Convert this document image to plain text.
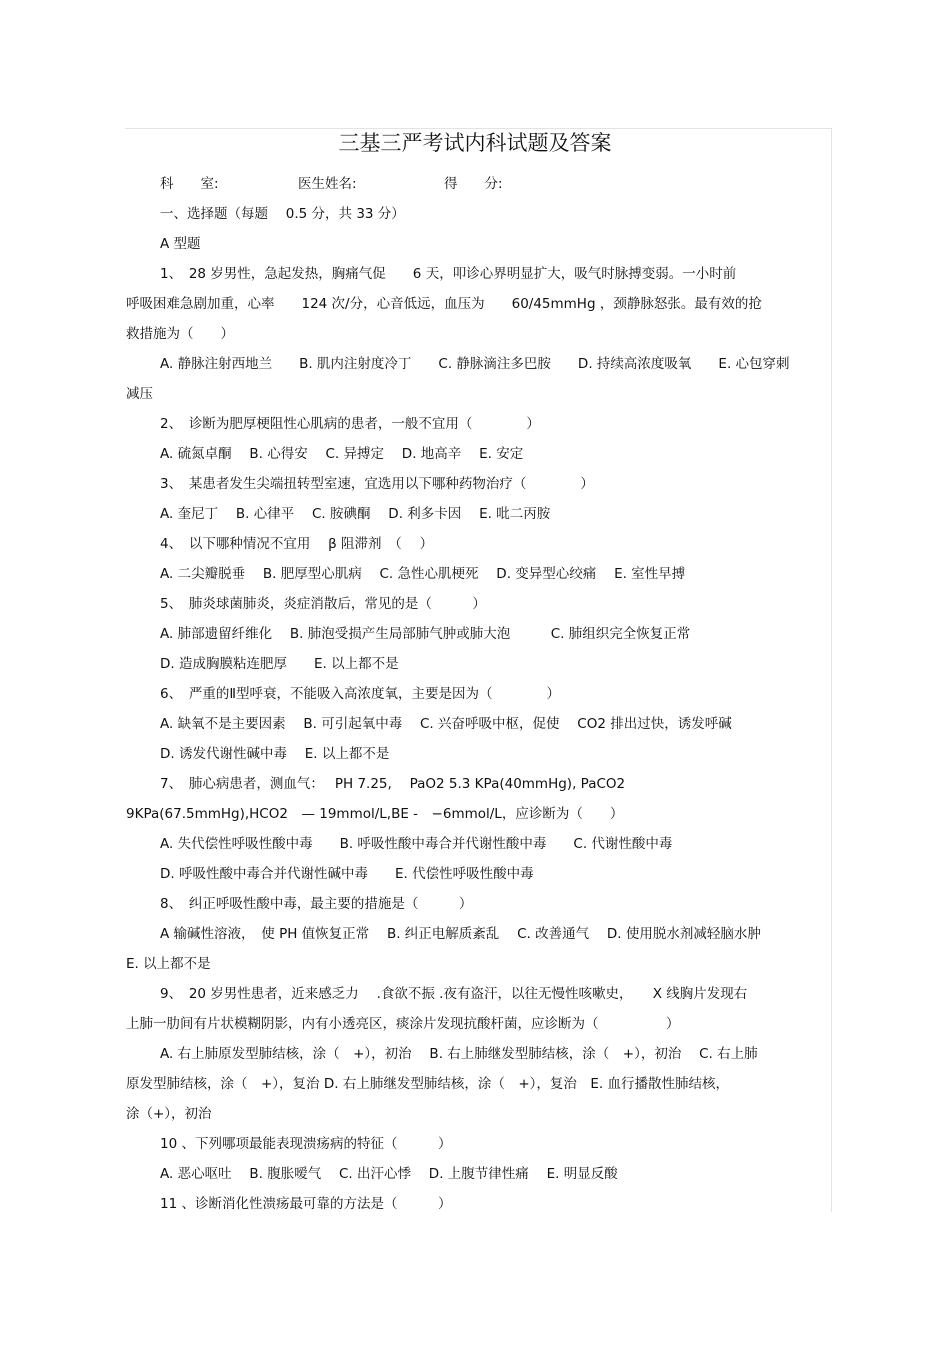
三基三严考试内科试题及答案
科　　室:	医生姓名:	得　　分:
一、选择题（每题　 0.5 分，共 33 分）
A 型题
1、　28 岁男性，急起发热，胸痛气促　　6 天，叩诊心界明显扩大，吸气时脉搏变弱。一小时前
呼吸困难急剧加重，心率　　124 次/分，心音低远，血压为　　60/45mmHg ，颈静脉怒张。最有效的抢
救措施为（　　）
A. 静脉注射西地兰　　B. 肌内注射度冷丁　　C. 静脉滴注多巴胺　　D. 持续高浓度吸氧　　E. 心包穿刺
减压
2、　诊断为肥厚梗阻性心肌病的患者，一般不宜用（　　　　）
A. 硫氮卓酮　 B. 心得安　 C. 异搏定　 D. 地高辛　 E. 安定
3、　某患者发生尖端扭转型室速，宜选用以下哪种药物治疗（　　　　）
A. 奎尼丁　 B. 心律平　 C. 胺碘酮　 D. 利多卡因　 E. 吡二丙胺
4、　以下哪种情况不宜用　 β 阻滞剂　（　 ）
A. 二尖瓣脱垂　 B. 肥厚型心肌病　 C. 急性心肌梗死　 D. 变异型心绞痛　 E. 室性早搏
5、　肺炎球菌肺炎，炎症消散后，常见的是（　　　）
A. 肺部遗留纤维化　 B. 肺泡受损产生局部肺气肿或肺大泡　　　C. 肺组织完全恢复正常
D. 造成胸膜粘连肥厚　　E. 以上都不是
6、　严重的Ⅱ型呼衰，不能吸入高浓度氧，主要是因为（　　　　）
A. 缺氧不是主要因素　 B. 可引起氧中毒　 C. 兴奋呼吸中枢，促使　 CO2 排出过快，诱发呼碱
D. 诱发代谢性碱中毒　 E. 以上都不是
7、　肺心病患者，测血气：　 PH 7.25,　 PaO2 5.3 KPa(40mmHg), PaCO2
9KPa(67.5mmHg),HCO2　— 19mmol/L,BE -　−6mmol/L，应诊断为（　　）
A. 失代偿性呼吸性酸中毒　　B. 呼吸性酸中毒合并代谢性酸中毒　　C. 代谢性酸中毒
D. 呼吸性酸中毒合并代谢性碱中毒　　E. 代偿性呼吸性酸中毒
8、　纠正呼吸性酸中毒，最主要的措施是（　　　）
A 输碱性溶液，　使 PH 值恢复正常　 B. 纠正电解质紊乱　 C. 改善通气　 D. 使用脱水剂减轻脑水肿
E. 以上都不是
9、　20 岁男性患者，近来感乏力　 .食欲不振 .夜有盗汗，以往无慢性咳嗽史，　　X 线胸片发现右
上肺一肋间有片状模糊阴影，内有小透亮区，痰涂片发现抗酸杆菌，应诊断为（　　　　　）
A. 右上肺原发型肺结核，涂（　+），初治　 B. 右上肺继发型肺结核，涂（　+），初治　 C. 右上肺
原发型肺结核，涂（　+），复治 D. 右上肺继发型肺结核，涂（　+），复治　E. 血行播散性肺结核，
涂（+），初治
10 、下列哪项最能表现溃疡病的特征（　　　）
A. 恶心呕吐　 B. 腹胀嗳气　 C. 出汗心悸　 D. 上腹节律性痛　 E. 明显反酸
11 、诊断消化性溃疡最可靠的方法是（　　　）
